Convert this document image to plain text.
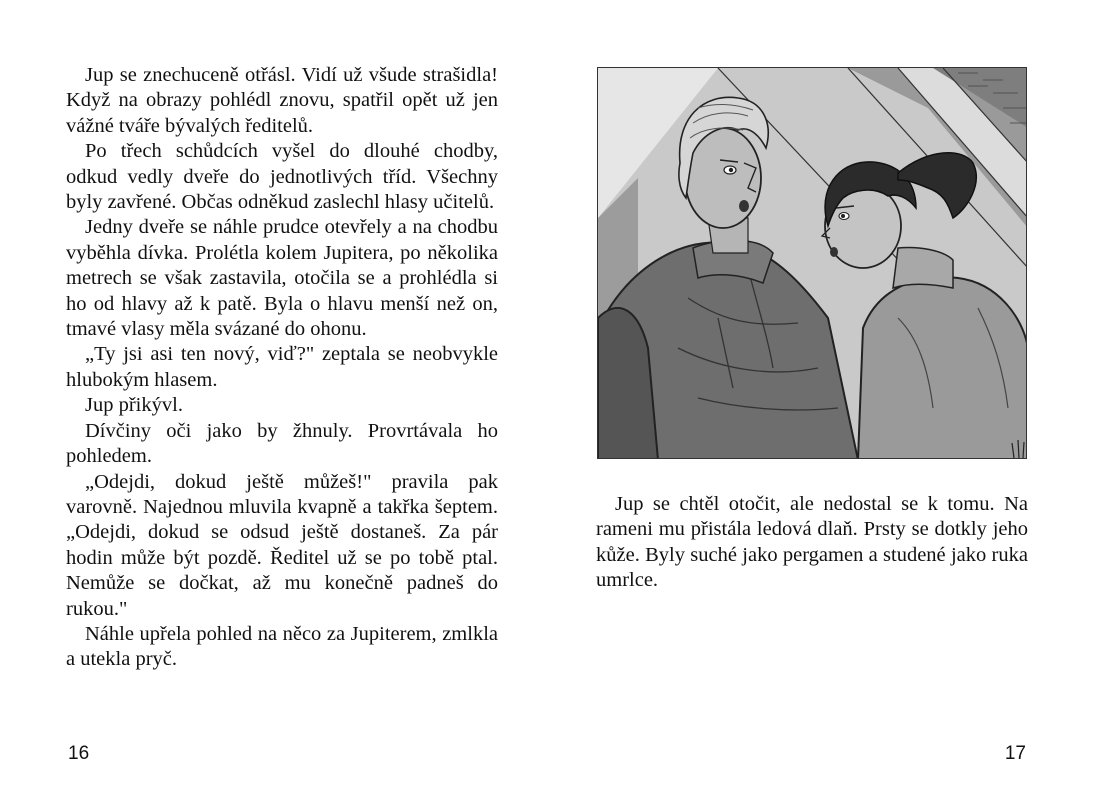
Jup se znechuceně otřásl. Vidí už všude strašidla! Když na obrazy pohlédl znovu, spatřil opět už jen vážné tváře bývalých ředitelů.

Po třech schůdcích vyšel do dlouhé chodby, odkud vedly dveře do jednotlivých tříd. Všechny byly zavřené. Občas odněkud zaslechl hlasy učitelů.

Jedny dveře se náhle prudce otevřely a na chodbu vyběhla dívka. Prolétla kolem Jupitera, po několika metrech se však zastavila, otočila se a prohlédla si ho od hlavy až k patě. Byla o hlavu menší než on, tmavé vlasy měla svázané do ohonu.

„Ty jsi asi ten nový, viď?" zeptala se neobvykle hlubokým hlasem.

Jup přikývl.

Dívčiny oči jako by žhnuly. Provrtávala ho pohledem.

„Odejdi, dokud ještě můžeš!" pravila pak varovně. Najednou mluvila kvapně a takřka šeptem. „Odejdi, dokud se odsud ještě dostaneš. Za pár hodin může být pozdě. Ředitel už se po tobě ptal. Nemůže se dočkat, až mu konečně padneš do rukou."

Náhle upřela pohled na něco za Jupiterem, zmlkla a utekla pryč.

16

Jup se chtěl otočit, ale nedostal se k tomu. Na rameni mu přistála ledová dlaň. Prsty se dotkly jeho kůže. Byly suché jako pergamen a studené jako ruka umrlce.

17
